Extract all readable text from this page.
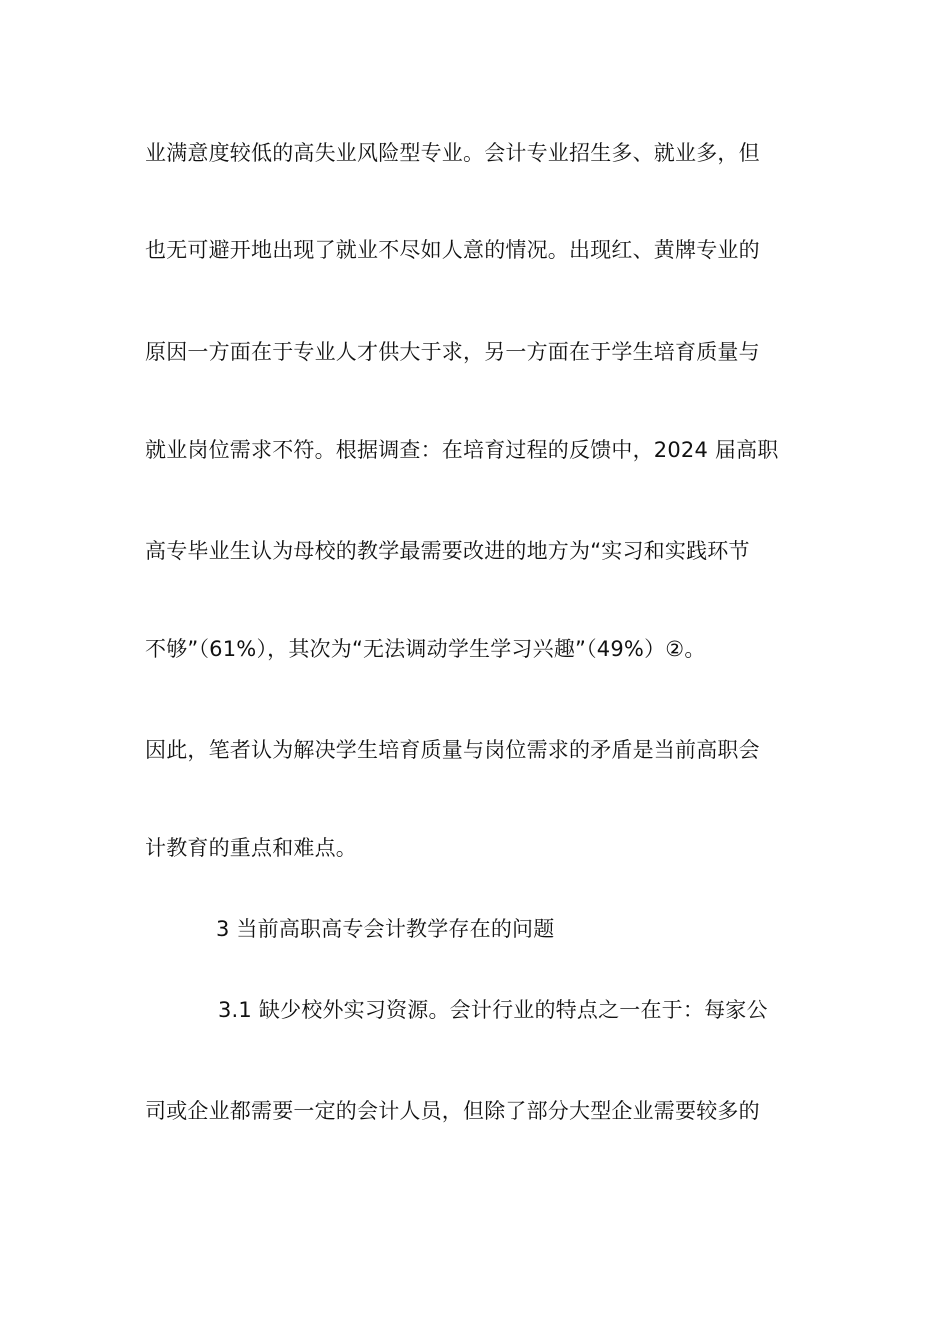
业满意度较低的高失业风险型专业。会计专业招生多、就业多，但
也无可避开地出现了就业不尽如人意的情况。出现红、黄牌专业的
原因一方面在于专业人才供大于求，另一方面在于学生培育质量与
就业岗位需求不符。根据调查：在培育过程的反馈中，2024 届高职
高专毕业生认为母校的教学最需要改进的地方为“实习和实践环节
不够”（61%），其次为“无法调动学生学习兴趣”（49%）②。
因此，笔者认为解决学生培育质量与岗位需求的矛盾是当前高职会
计教育的重点和难点。
3 当前高职高专会计教学存在的问题
3.1 缺少校外实习资源。会计行业的特点之一在于：每家公
司或企业都需要一定的会计人员，但除了部分大型企业需要较多的
